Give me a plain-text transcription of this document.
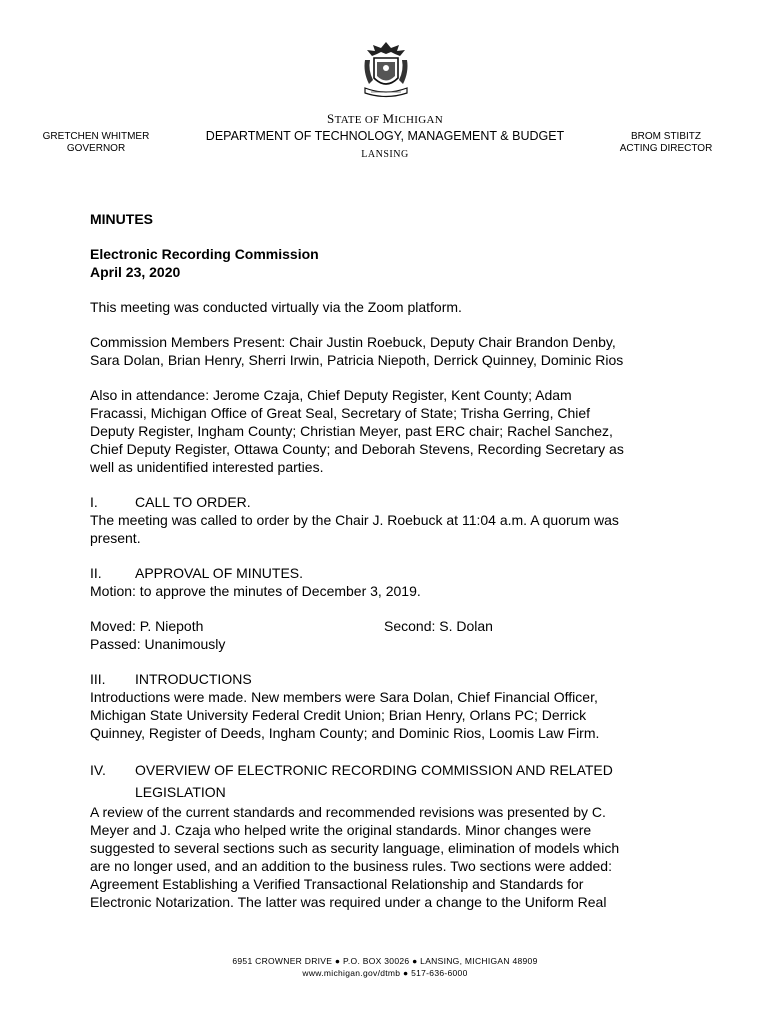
STATE OF MICHIGAN
DEPARTMENT OF TECHNOLOGY, MANAGEMENT & BUDGET
LANSING
GRETCHEN WHITMER
GOVERNOR
BROM STIBITZ
ACTING DIRECTOR

MINUTES

Electronic Recording Commission

April 23, 2020

This meeting was conducted virtually via the Zoom platform.

Commission Members Present: Chair Justin Roebuck, Deputy Chair Brandon Denby,

Sara Dolan, Brian Henry, Sherri Irwin, Patricia Niepoth, Derrick Quinney, Dominic Rios

Also in attendance: Jerome Czaja, Chief Deputy Register, Kent County; Adam

Fracassi, Michigan Office of Great Seal, Secretary of State; Trisha Gerring, Chief

Deputy Register, Ingham County; Christian Meyer, past ERC chair; Rachel Sanchez,

Chief Deputy Register, Ottawa County; and Deborah Stevens, Recording Secretary as

well as unidentified interested parties.

I.	CALL TO ORDER.

The meeting was called to order by the Chair J. Roebuck at 11:04 a.m. A quorum was

present.

II.	APPROVAL OF MINUTES.

Motion: to approve the minutes of December 3, 2019.

Moved: P. Niepoth	Second: S. Dolan

Passed: Unanimously

III.	INTRODUCTIONS

Introductions were made. New members were Sara Dolan, Chief Financial Officer,

Michigan State University Federal Credit Union; Brian Henry, Orlans PC; Derrick

Quinney, Register of Deeds, Ingham County; and Dominic Rios, Loomis Law Firm.

IV.	OVERVIEW OF ELECTRONIC RECORDING COMMISSION AND RELATED
LEGISLATION

A review of the current standards and recommended revisions was presented by C.

Meyer and J. Czaja who helped write the original standards. Minor changes were

suggested to several sections such as security language, elimination of models which

are no longer used, and an addition to the business rules. Two sections were added:

Agreement Establishing a Verified Transactional Relationship and Standards for

Electronic Notarization. The latter was required under a change to the Uniform Real

6951 CROWNER DRIVE ● P.O. BOX 30026 ● LANSING, MICHIGAN 48909
www.michigan.gov/dtmb ● 517-636-6000
